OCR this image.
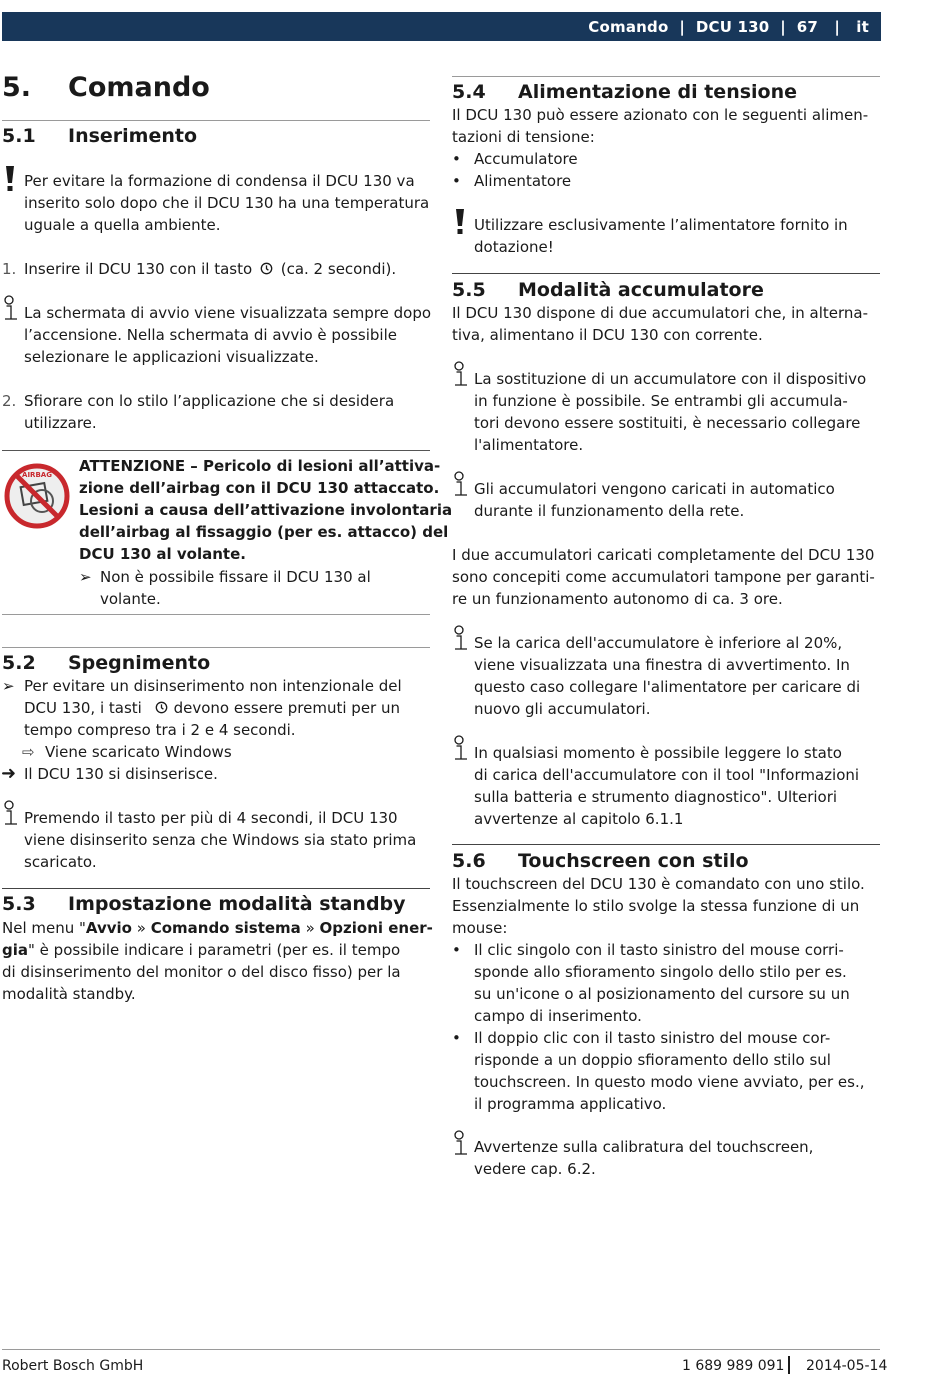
Comando  |  DCU 130  |  67   |   it
5. Comando
5.1 Inserimento

Per evitare la formazione di condensa il DCU 130 va
inserito solo dopo che il DCU 130 ha una temperatura
uguale a quella ambiente.

1. Inserire il DCU 130 con il tasto (ca. 2 secondi).

La schermata di avvio viene visualizzata sempre dopo
l’accensione. Nella schermata di avvio è possibile
selezionare le applicazioni visualizzate.

2. Sfiorare con lo stilo l’applicazione che si desidera
utilizzare.

AIRBAG ATTENZIONE – Pericolo di lesioni all’attiva-
zione dell’airbag con il DCU 130 attaccato.
Lesioni a causa dell’attivazione involontaria
dell’airbag al fissaggio (per es. attacco) del
DCU 130 al volante.

➢ Non è possibile fissare il DCU 130 al
volante.

5.2 Spegnimento
➢ Per evitare un disinserimento non intenzionale del
DCU 130, i tasti devono essere premuti per un
tempo compreso tra i 2 e 4 secondi.

⇨ Viene scaricato Windows

➜ Il DCU 130 si disinserisce.

Premendo il tasto per più di 4 secondi, il DCU 130
viene disinserito senza che Windows sia stato prima
scaricato.

5.3 Impostazione modalità standby

Nel menu "Avvio » Comando sistema » Opzioni ener-
gia" è possibile indicare i parametri (per es. il tempo
di disinserimento del monitor o del disco fisso) per la
modalità standby.

5.4 Alimentazione di tensione

Il DCU 130 può essere azionato con le seguenti alimen-
tazioni di tensione:

• Accumulatore

• Alimentatore

Utilizzare esclusivamente l’alimentatore fornito in
dotazione!

5.5 Modalità accumulatore

Il DCU 130 dispone di due accumulatori che, in alterna-
tiva, alimentano il DCU 130 con corrente.

La sostituzione di un accumulatore con il dispositivo
in funzione è possibile. Se entrambi gli accumula-
tori devono essere sostituiti, è necessario collegare
l'alimentatore.

Gli accumulatori vengono caricati in automatico
durante il funzionamento della rete.

I due accumulatori caricati completamente del DCU 130
sono concepiti come accumulatori tampone per garanti-
re un funzionamento autonomo di ca. 3 ore.

Se la carica dell'accumulatore è inferiore al 20%,
viene visualizzata una finestra di avvertimento. In
questo caso collegare l'alimentatore per caricare di
nuovo gli accumulatori.

In qualsiasi momento è possibile leggere lo stato
di carica dell'accumulatore con il tool "Informazioni
sulla batteria e strumento diagnostico". Ulteriori
avvertenze al capitolo 6.1.1

5.6 Touchscreen con stilo

Il touchscreen del DCU 130 è comandato con uno stilo.
Essenzialmente lo stilo svolge la stessa funzione di un
mouse:

• Il clic singolo con il tasto sinistro del mouse corri-
sponde allo sfioramento singolo dello stilo per es.
su un'icone o al posizionamento del cursore su un
campo di inserimento.

• Il doppio clic con il tasto sinistro del mouse cor-
risponde a un doppio sfioramento dello stilo sul
touchscreen. In questo modo viene avviato, per es.,
il programma applicativo.

Avvertenze sulla calibratura del touchscreen,
vedere cap. 6.2.

Robert Bosch GmbH	1 689 989 091 2014-05-14
